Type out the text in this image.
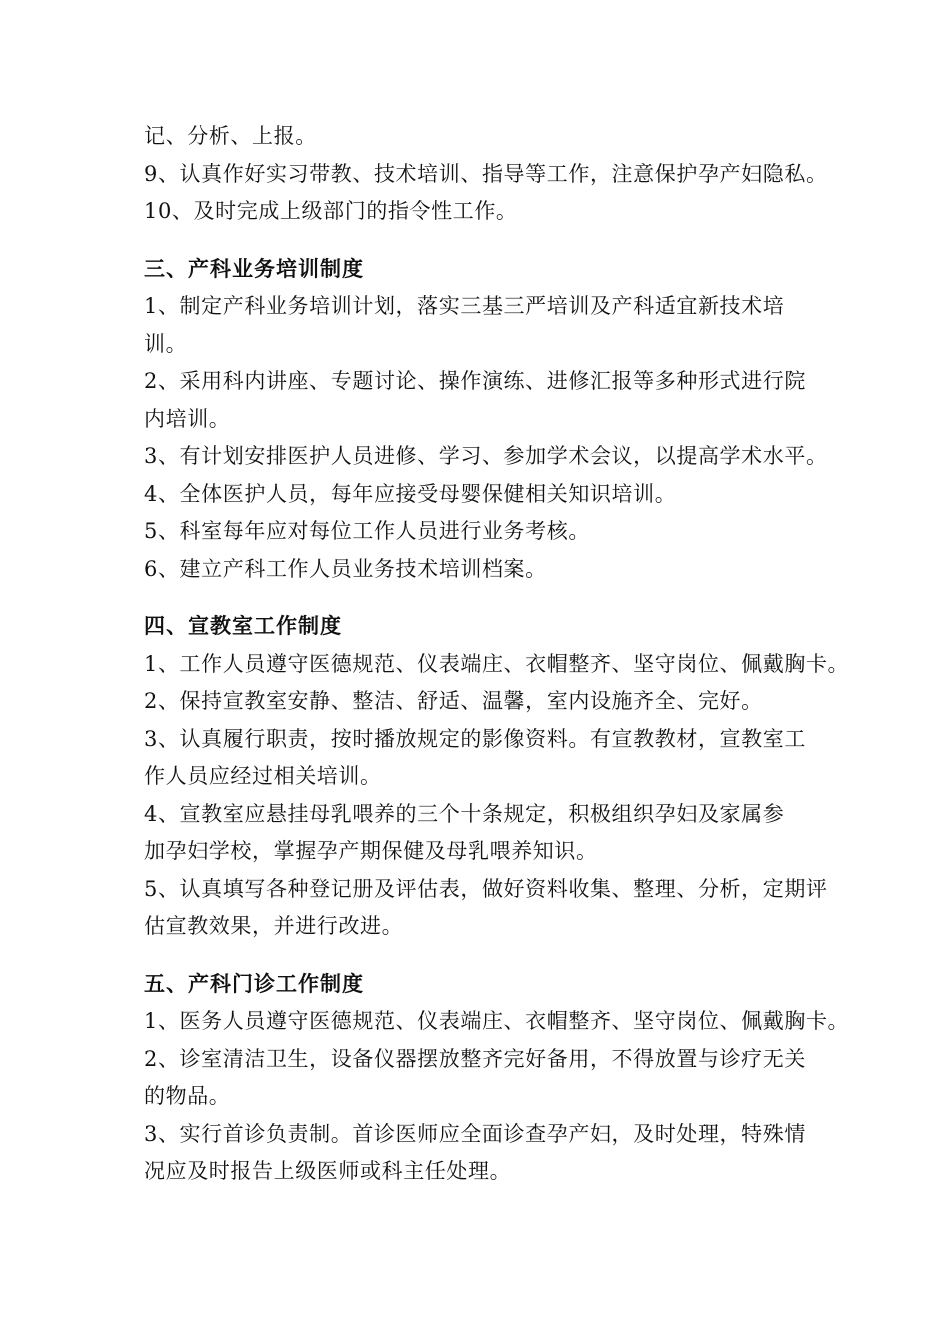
记、分析、上报。
9、认真作好实习带教、技术培训、指导等工作，注意保护孕产妇隐私。
10、及时完成上级部门的指令性工作。
三、产科业务培训制度
1、制定产科业务培训计划，落实三基三严培训及产科适宜新技术培
训。
2、采用科内讲座、专题讨论、操作演练、进修汇报等多种形式进行院
内培训。
3、有计划安排医护人员进修、学习、参加学术会议，以提高学术水平。
4、全体医护人员，每年应接受母婴保健相关知识培训。
5、科室每年应对每位工作人员进行业务考核。
6、建立产科工作人员业务技术培训档案。
四、宣教室工作制度
1、工作人员遵守医德规范、仪表端庄、衣帽整齐、坚守岗位、佩戴胸卡。
2、保持宣教室安静、整洁、舒适、温馨，室内设施齐全、完好。
3、认真履行职责，按时播放规定的影像资料。有宣教教材，宣教室工
作人员应经过相关培训。
4、宣教室应悬挂母乳喂养的三个十条规定，积极组织孕妇及家属参
加孕妇学校，掌握孕产期保健及母乳喂养知识。
5、认真填写各种登记册及评估表，做好资料收集、整理、分析，定期评
估宣教效果，并进行改进。
五、产科门诊工作制度
1、医务人员遵守医德规范、仪表端庄、衣帽整齐、坚守岗位、佩戴胸卡。
2、诊室清洁卫生，设备仪器摆放整齐完好备用，不得放置与诊疗无关
的物品。
3、实行首诊负责制。首诊医师应全面诊查孕产妇，及时处理，特殊情
况应及时报告上级医师或科主任处理。
